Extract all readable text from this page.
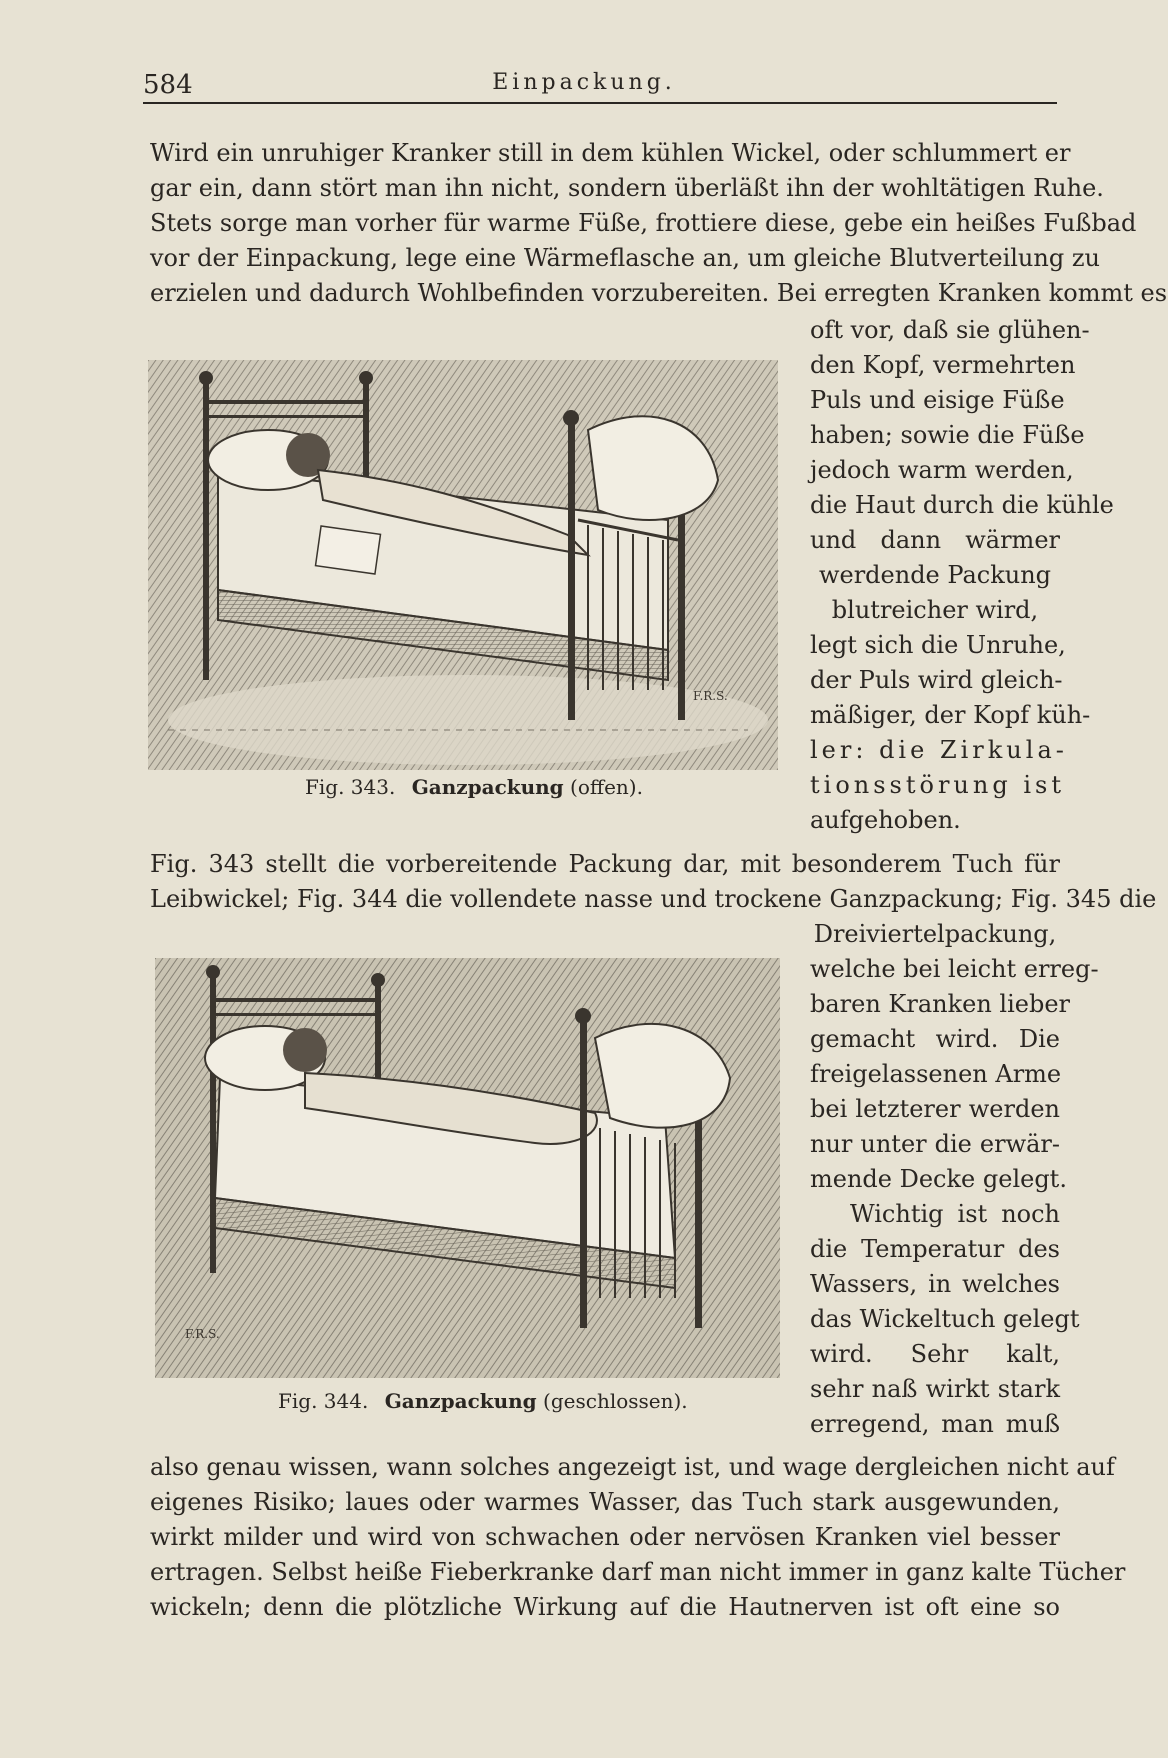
584	Einpackung.
Wird ein unruhiger Kranker still in dem kühlen Wickel, oder schlummert er
gar ein, dann stört man ihn nicht, sondern überläßt ihn der wohltätigen Ruhe.
Stets sorge man vorher für warme Füße, frottiere diese, gebe ein heißes Fußbad
vor der Einpackung, lege eine Wärmeflasche an, um gleiche Blutverteilung zu
erzielen und dadurch Wohlbefinden vorzubereiten. Bei erregten Kranken kommt es
oft vor, daß sie glühen-
den Kopf, vermehrten
Puls und eisige Füße
haben; sowie die Füße
jedoch warm werden,
die Haut durch die kühle
und dann wärmer
werdende Packung
blutreicher wird,
legt sich die Unruhe,
der Puls wird gleich-
mäßiger, der Kopf küh-
ler: die Zirkula-
tionsstörung ist
aufgehoben.
F.R.S.
Fig. 343. Ganzpackung (offen).
Fig. 343 stellt die vorbereitende Packung dar, mit besonderem Tuch für
Leibwickel; Fig. 344 die vollendete nasse und trockene Ganzpackung; Fig. 345 die
Dreiviertelpackung,
welche bei leicht erreg-
baren Kranken lieber
gemacht wird. Die
freigelassenen Arme
bei letzterer werden
nur unter die erwär-
mende Decke gelegt.
Wichtig ist noch
die Temperatur des
Wassers, in welches
das Wickeltuch gelegt
wird. Sehr kalt,
sehr naß wirkt stark
erregend, man muß
F.R.S.
Fig. 344. Ganzpackung (geschlossen).
also genau wissen, wann solches angezeigt ist, und wage dergleichen nicht auf
eigenes Risiko; laues oder warmes Wasser, das Tuch stark ausgewunden,
wirkt milder und wird von schwachen oder nervösen Kranken viel besser
ertragen. Selbst heiße Fieberkranke darf man nicht immer in ganz kalte Tücher
wickeln; denn die plötzliche Wirkung auf die Hautnerven ist oft eine so
